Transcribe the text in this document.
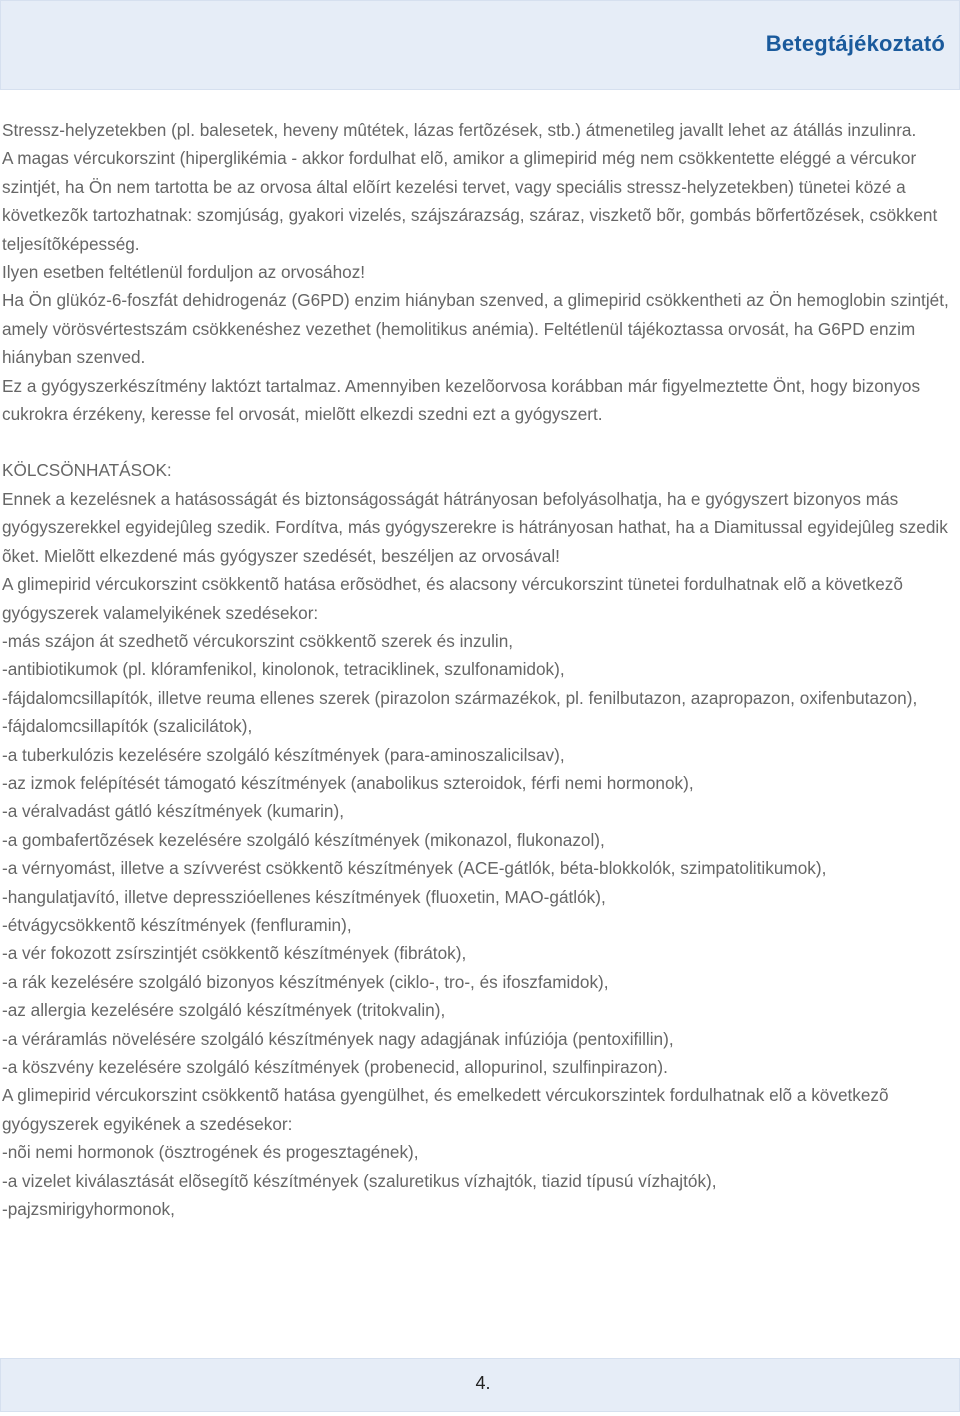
Betegtájékoztató

Stressz-helyzetekben (pl. balesetek, heveny mûtétek, lázas fertõzések, stb.) átmenetileg javallt lehet az átállás inzulinra.

A magas vércukorszint (hiperglikémia - akkor fordulhat elõ, amikor a glimepirid még nem csökkentette eléggé a vércukor szintjét, ha Ön nem tartotta be az orvosa által elõírt kezelési tervet, vagy speciális stressz-helyzetekben) tünetei közé a következõk tartozhatnak: szomjúság, gyakori vizelés, szájszárazság, száraz, viszketõ bõr, gombás bõrfertõzések, csökkent teljesítõképesség.

Ilyen esetben feltétlenül forduljon az orvosához!

Ha Ön glükóz-6-foszfát dehidrogenáz (G6PD) enzim hiányban szenved, a glimepirid csökkentheti az Ön hemoglobin szintjét, amely vörösvértestszám csökkenéshez vezethet (hemolitikus anémia). Feltétlenül tájékoztassa orvosát, ha G6PD enzim hiányban szenved.

Ez a gyógyszerkészítmény laktózt tartalmaz. Amennyiben kezelõorvosa korábban már figyelmeztette Önt, hogy bizonyos cukrokra érzékeny, keresse fel orvosát, mielõtt elkezdi szedni ezt a gyógyszert.

KÖLCSÖNHATÁSOK:

Ennek a kezelésnek a hatásosságát és biztonságosságát hátrányosan befolyásolhatja, ha e gyógyszert bizonyos más gyógyszerekkel egyidejûleg szedik. Fordítva, más gyógyszerekre is hátrányosan hathat, ha a Diamitussal egyidejûleg szedik õket. Mielõtt elkezdené más gyógyszer szedését, beszéljen az orvosával!

A glimepirid vércukorszint csökkentõ hatása erõsödhet, és alacsony vércukorszint tünetei fordulhatnak elõ a következõ gyógyszerek valamelyikének szedésekor:

-más szájon át szedhetõ vércukorszint csökkentõ szerek és inzulin,

-antibiotikumok (pl. klóramfenikol, kinolonok, tetraciklinek, szulfonamidok),

-fájdalomcsillapítók, illetve reuma ellenes szerek (pirazolon származékok, pl. fenilbutazon, azapropazon, oxifenbutazon),

-fájdalomcsillapítók (szalicilátok),

-a tuberkulózis kezelésére szolgáló készítmények (para-aminoszalicilsav),

-az izmok felépítését támogató készítmények (anabolikus szteroidok, férfi nemi hormonok),

-a véralvadást gátló készítmények (kumarin),

-a gombafertõzések kezelésére szolgáló készítmények (mikonazol, flukonazol),

-a vérnyomást, illetve a szívverést csökkentõ készítmények (ACE-gátlók, béta-blokkolók, szimpatolitikumok),

-hangulatjavító, illetve depresszióellenes készítmények (fluoxetin, MAO-gátlók),

-étvágycsökkentõ készítmények (fenfluramin),

-a vér fokozott zsírszintjét csökkentõ készítmények (fibrátok),

-a rák kezelésére szolgáló bizonyos készítmények (ciklo-, tro-, és ifoszfamidok),

-az allergia kezelésére szolgáló készítmények (tritokvalin),

-a véráramlás növelésére szolgáló készítmények nagy adagjának infúziója (pentoxifillin),

-a köszvény kezelésére szolgáló készítmények (probenecid, allopurinol, szulfinpirazon).

A glimepirid vércukorszint csökkentõ hatása gyengülhet, és emelkedett vércukorszintek fordulhatnak elõ a következõ gyógyszerek egyikének a szedésekor:

-nõi nemi hormonok (ösztrogének és progesztagének),

-a vizelet kiválasztását elõsegítõ készítmények (szaluretikus vízhajtók, tiazid típusú vízhajtók),

-pajzsmirigyhormonok,

4.
